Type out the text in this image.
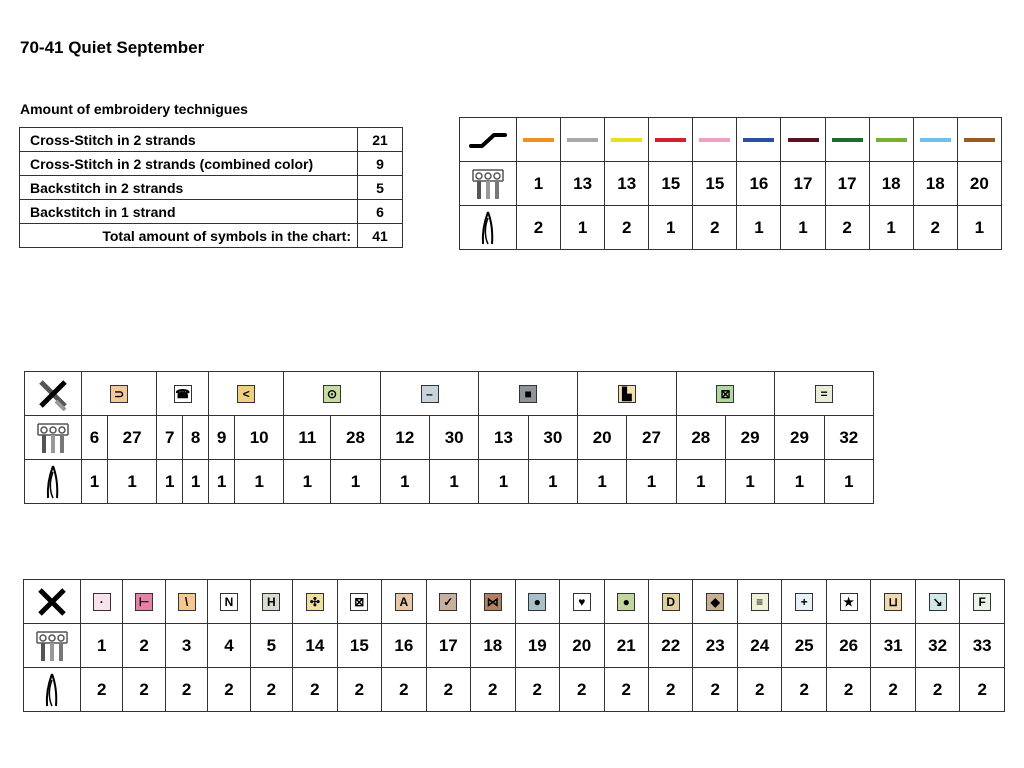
70-41 Quiet September
Amount of embroidery technigues
Cross-Stitch in 2 strands	21
Cross-Stitch in 2 strands (combined color)	9
Backstitch in 2 strands	5
Backstitch in 1 strand	6
Total amount of symbols in the chart:	41

	1	13	13	15	15	16	17	17	18	18	20

	2	1	2	1	2	1	1	2	1	2	1
	⊃		☎		<		⊙		–		■		▙		⊠		=	

	6	27	7	8	9	10	11	28	12	30	13	30	20	27	28	29	29	32

	1	1	1	1	1	1	1	1	1	1	1	1	1	1	1	1	1	1
	·	⊢	\	N	H	✣	⊠	A	✓	⋈	●	♥	●	D	◆	≡	+	★	⊔	↘	F

	1	2	3	4	5	14	15	16	17	18	19	20	21	22	23	24	25	26	31	32	33

	2	2	2	2	2	2	2	2	2	2	2	2	2	2	2	2	2	2	2	2	2
